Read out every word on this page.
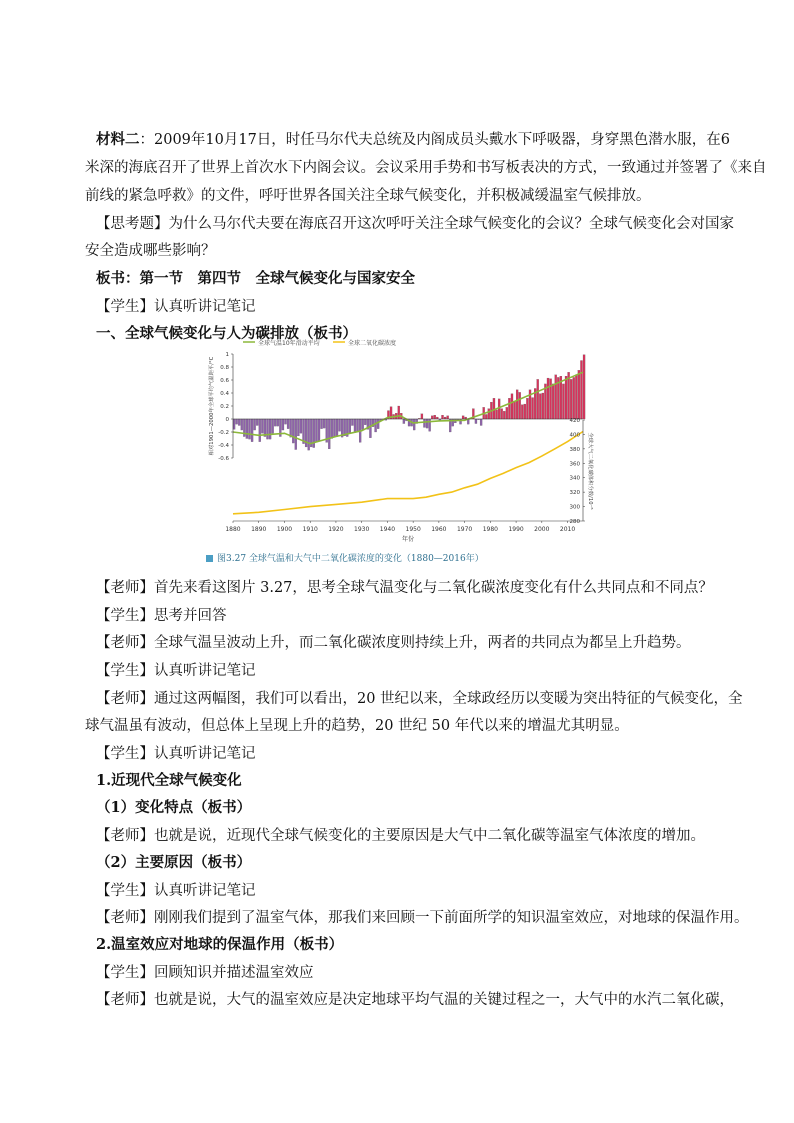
材料二：2009年10月17日，时任马尔代夫总统及内阁成员头戴水下呼吸器，身穿黑色潜水服，在6
米深的海底召开了世界上首次水下内阁会议。会议采用手势和书写板表决的方式，一致通过并签署了《来自
前线的紧急呼救》的文件，呼吁世界各国关注全球气候变化，并积极减缓温室气候排放。
【思考题】为什么马尔代夫要在海底召开这次呼吁关注全球气候变化的会议？全球气候变化会对国家
安全造成哪些影响？
板书：第一节　第四节　全球气候变化与国家安全
【学生】认真听讲记笔记
一、全球气候变化与人为碳排放（板书）
全球气温10年滑动平均	全球二氧化碳浓度
1
0.8
0.6
0.4
0.2
0
-0.2
-0.4
-0.6
相对1901—2000年全球平均气温距平/°C	420
400
380
360
340
320
300
280
全球大气二氧化碳体积分数/10⁻⁶
1880 1890 1900 1910 1920 1930 1940 1950 1960 1970 1980 1990 2000 2010
年份
图3.27 全球气温和大气中二氧化碳浓度的变化（1880—2016年）
【老师】首先来看这图片 3.27，思考全球气温变化与二氧化碳浓度变化有什么共同点和不同点？
【学生】思考并回答
【老师】全球气温呈波动上升，而二氧化碳浓度则持续上升，两者的共同点为都呈上升趋势。
【学生】认真听讲记笔记
【老师】通过这两幅图，我们可以看出，20 世纪以来，全球政经历以变暖为突出特征的气候变化，全
球气温虽有波动，但总体上呈现上升的趋势，20 世纪 50 年代以来的增温尤其明显。
【学生】认真听讲记笔记
1.近现代全球气候变化
（1）变化特点（板书）
【老师】也就是说，近现代全球气候变化的主要原因是大气中二氧化碳等温室气体浓度的增加。
（2）主要原因（板书）
【学生】认真听讲记笔记
【老师】刚刚我们提到了温室气体，那我们来回顾一下前面所学的知识温室效应，对地球的保温作用。
2.温室效应对地球的保温作用（板书）
【学生】回顾知识并描述温室效应
【老师】也就是说，大气的温室效应是决定地球平均气温的关键过程之一，大气中的水汽二氧化碳，
